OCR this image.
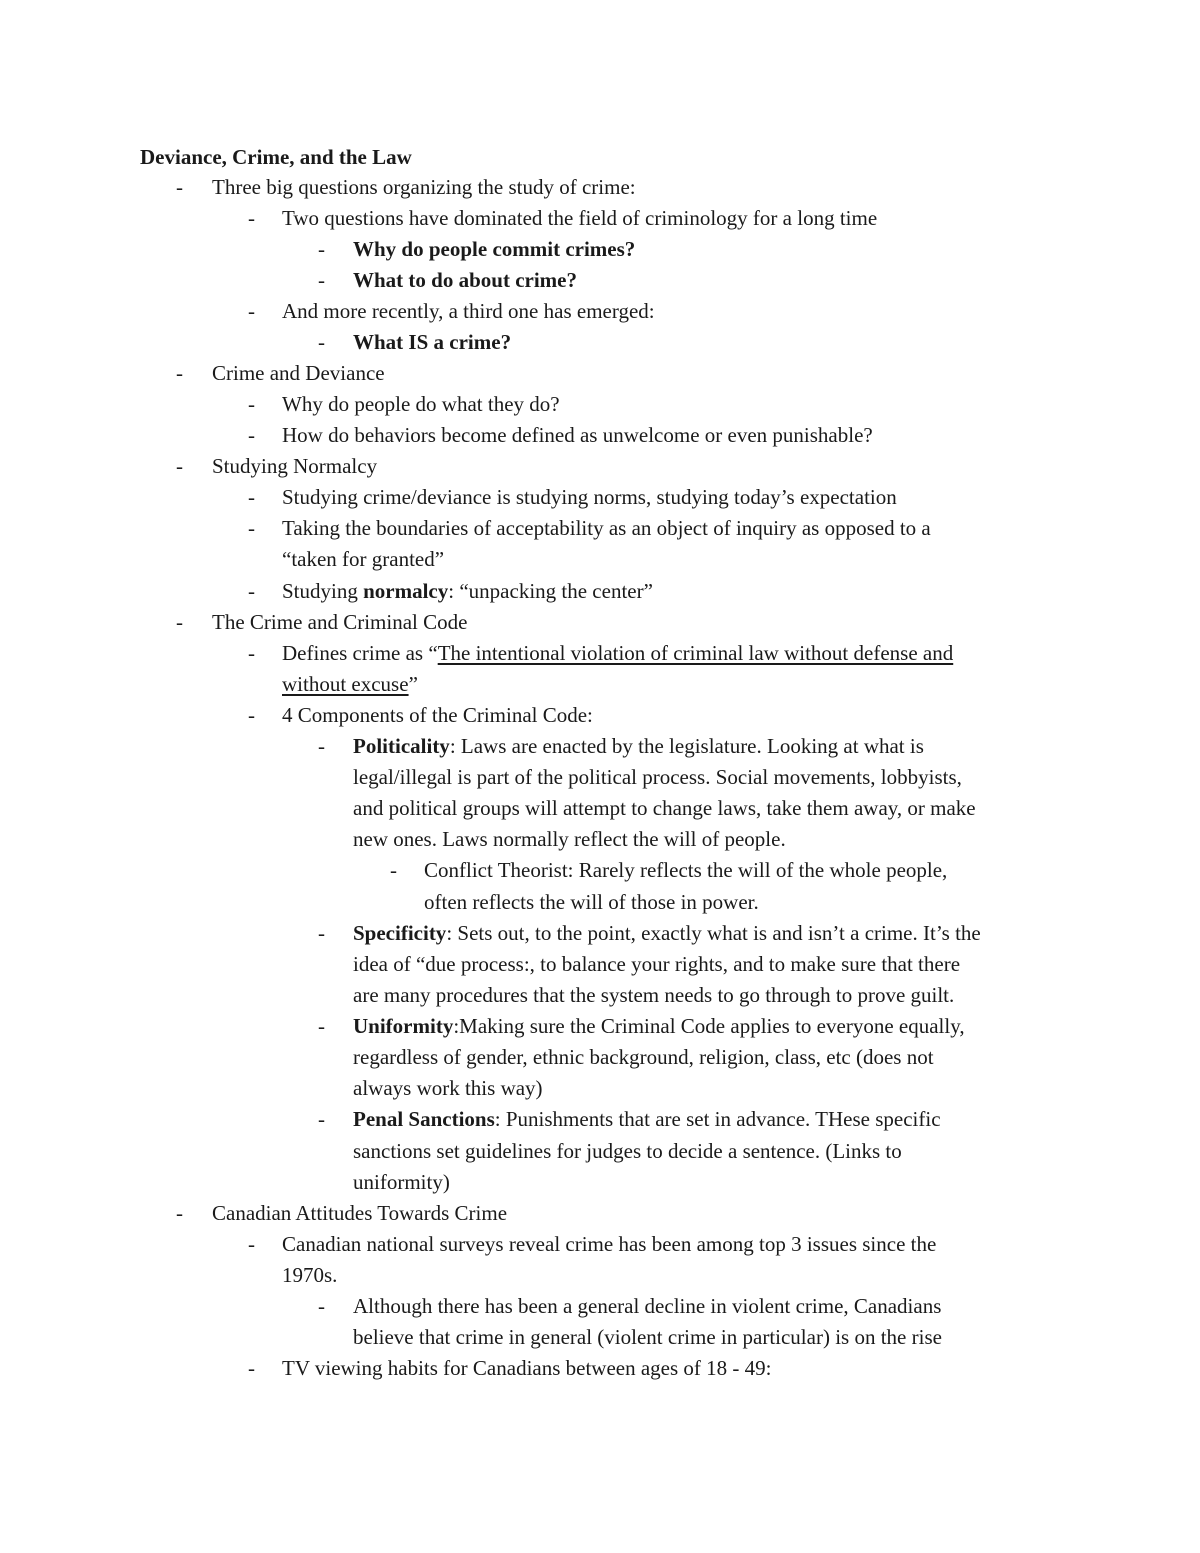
Deviance, Crime, and the Law
- Three big questions organizing the study of crime:
- Two questions have dominated the field of criminology for a long time
- Why do people commit crimes?
- What to do about crime?
- And more recently, a third one has emerged:
- What IS a crime?
- Crime and Deviance
- Why do people do what they do?
- How do behaviors become defined as unwelcome or even punishable?
- Studying Normalcy
- Studying crime/deviance is studying norms, studying today’s expectation
- Taking the boundaries of acceptability as an object of inquiry as opposed to a
“taken for granted”
- Studying normalcy: “unpacking the center”
- The Crime and Criminal Code
- Defines crime as “The intentional violation of criminal law without defense and
without excuse”
- 4 Components of the Criminal Code:
- Politicality: Laws are enacted by the legislature. Looking at what is
legal/illegal is part of the political process. Social movements, lobbyists,
and political groups will attempt to change laws, take them away, or make
new ones. Laws normally reflect the will of people.
- Conflict Theorist: Rarely reflects the will of the whole people,
often reflects the will of those in power.
- Specificity: Sets out, to the point, exactly what is and isn’t a crime. It’s the
idea of “due process:, to balance your rights, and to make sure that there
are many procedures that the system needs to go through to prove guilt.
- Uniformity:Making sure the Criminal Code applies to everyone equally,
regardless of gender, ethnic background, religion, class, etc (does not
always work this way)
- Penal Sanctions: Punishments that are set in advance. THese specific
sanctions set guidelines for judges to decide a sentence. (Links to
uniformity)
- Canadian Attitudes Towards Crime
- Canadian national surveys reveal crime has been among top 3 issues since the
1970s.
- Although there has been a general decline in violent crime, Canadians
believe that crime in general (violent crime in particular) is on the rise
- TV viewing habits for Canadians between ages of 18 - 49:
